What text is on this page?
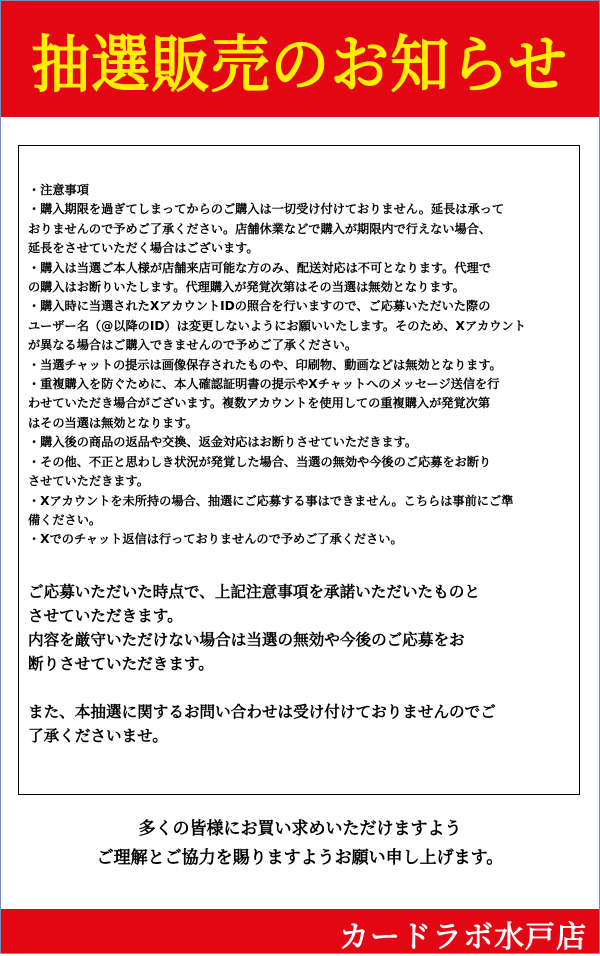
抽選販売のお知らせ
・注意事項
・購入期限を過ぎてしまってからのご購入は一切受け付けておりません。延長は承って
おりませんので予めご了承ください。店舗休業などで購入が期限内で行えない場合、
延長をさせていただく場合はございます。
・購入は当選ご本人様が店舗来店可能な方のみ、配送対応は不可となります。代理で
の購入はお断りいたします。代理購入が発覚次第はその当選は無効となります。
・購入時に当選されたXアカウントIDの照合を行いますので、ご応募いただいた際の
ユーザー名（@以降のID）は変更しないようにお願いいたします。そのため、Xアカウント
が異なる場合はご購入できませんので予めご了承ください。
・当選チャットの提示は画像保存されたものや、印刷物、動画などは無効となります。
・重複購入を防ぐために、本人確認証明書の提示やXチャットへのメッセージ送信を行
わせていただき場合がございます。複数アカウントを使用しての重複購入が発覚次第
はその当選は無効となります。
・購入後の商品の返品や交換、返金対応はお断りさせていただきます。
・その他、不正と思わしき状況が発覚した場合、当選の無効や今後のご応募をお断り
させていただきます。
・Xアカウントを未所持の場合、抽選にご応募する事はできません。こちらは事前にご準
備ください。
・Xでのチャット返信は行っておりませんので予めご了承ください。
ご応募いただいた時点で、上記注意事項を承諾いただいたものと
させていただきます。
内容を厳守いただけない場合は当選の無効や今後のご応募をお
断りさせていただきます。
また、本抽選に関するお問い合わせは受け付けておりませんのでご
了承くださいませ。
多くの皆様にお買い求めいただけますよう
ご理解とご協力を賜りますようお願い申し上げます。
カードラボ水戸店
